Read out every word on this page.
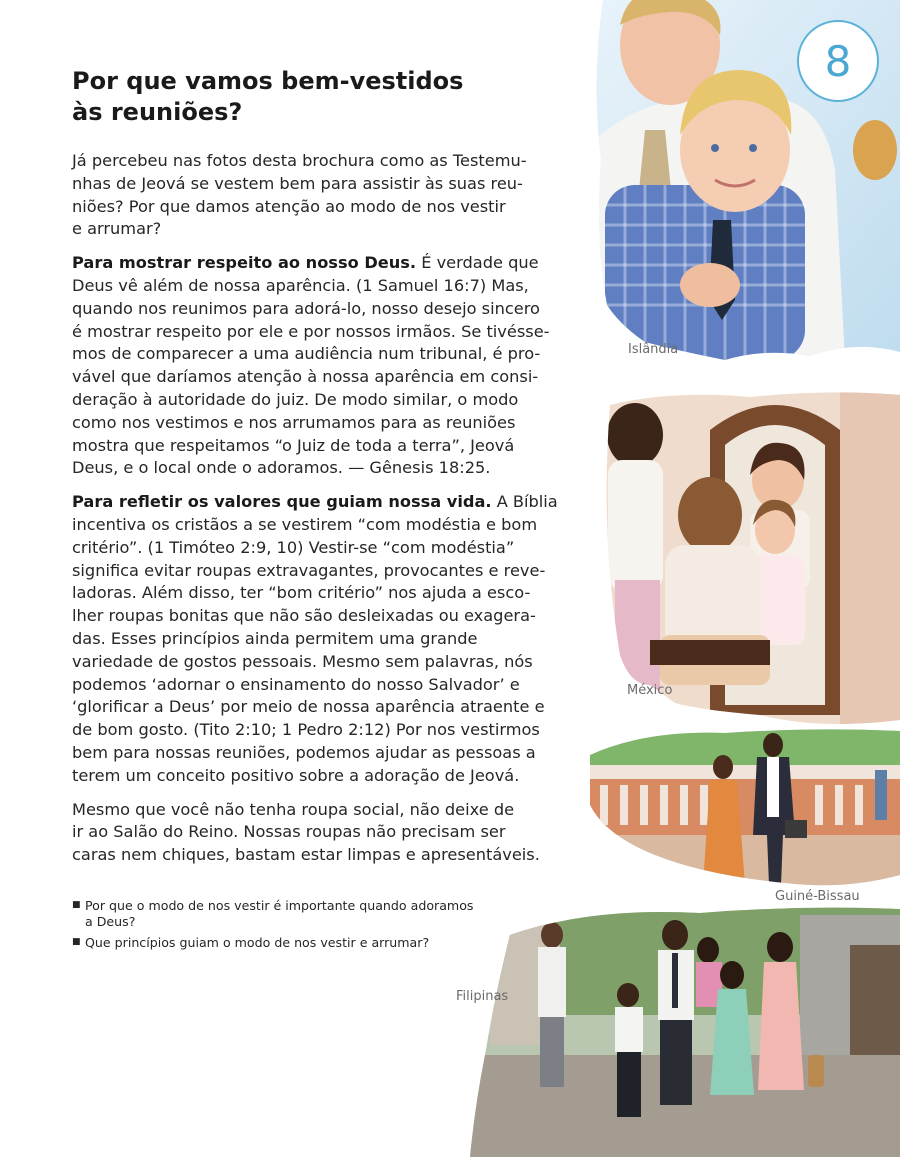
Islândia
México
Guiné-Bissau
Filipinas
8
Por que vamos bem-vestidos
às reuniões?

Já percebeu nas fotos desta brochura como as Testemu-
nhas de Jeová se vestem bem para assistir às suas reu-
niões? Por que damos atenção ao modo de nos vestir
e arrumar?

Para mostrar respeito ao nosso Deus. É verdade que
Deus vê além de nossa aparência. (1 Samuel 16:7) Mas,
quando nos reunimos para adorá-lo, nosso desejo sincero
é mostrar respeito por ele e por nossos irmãos. Se tivésse-
mos de comparecer a uma audiência num tribunal, é pro-
vável que daríamos atenção à nossa aparência em consi-
deração à autoridade do juiz. De modo similar, o modo
como nos vestimos e nos arrumamos para as reuniões
mostra que respeitamos “o Juiz de toda a terra”, Jeová
Deus, e o local onde o adoramos. — Gênesis 18:25.

Para refletir os valores que guiam nossa vida. A Bíblia
incentiva os cristãos a se vestirem “com modéstia e bom
critério”. (1 Timóteo 2:9, 10) Vestir-se “com modéstia”
significa evitar roupas extravagantes, provocantes e reve-
ladoras. Além disso, ter “bom critério” nos ajuda a esco-
lher roupas bonitas que não são desleixadas ou exagera-
das. Esses princípios ainda permitem uma grande
variedade de gostos pessoais. Mesmo sem palavras, nós
podemos ‘adornar o ensinamento do nosso Salvador’ e
‘glorificar a Deus’ por meio de nossa aparência atraente e
de bom gosto. (Tito 2:10; 1 Pedro 2:12) Por nos vestirmos
bem para nossas reuniões, podemos ajudar as pessoas a
terem um conceito positivo sobre a adoração de Jeová.

Mesmo que você não tenha roupa social, não deixe de
ir ao Salão do Reino. Nossas roupas não precisam ser
caras nem chiques, bastam estar limpas e apresentáveis.

■ Por que o modo de nos vestir é importante quando adoramos
a Deus?
■ Que princípios guiam o modo de nos vestir e arrumar?
